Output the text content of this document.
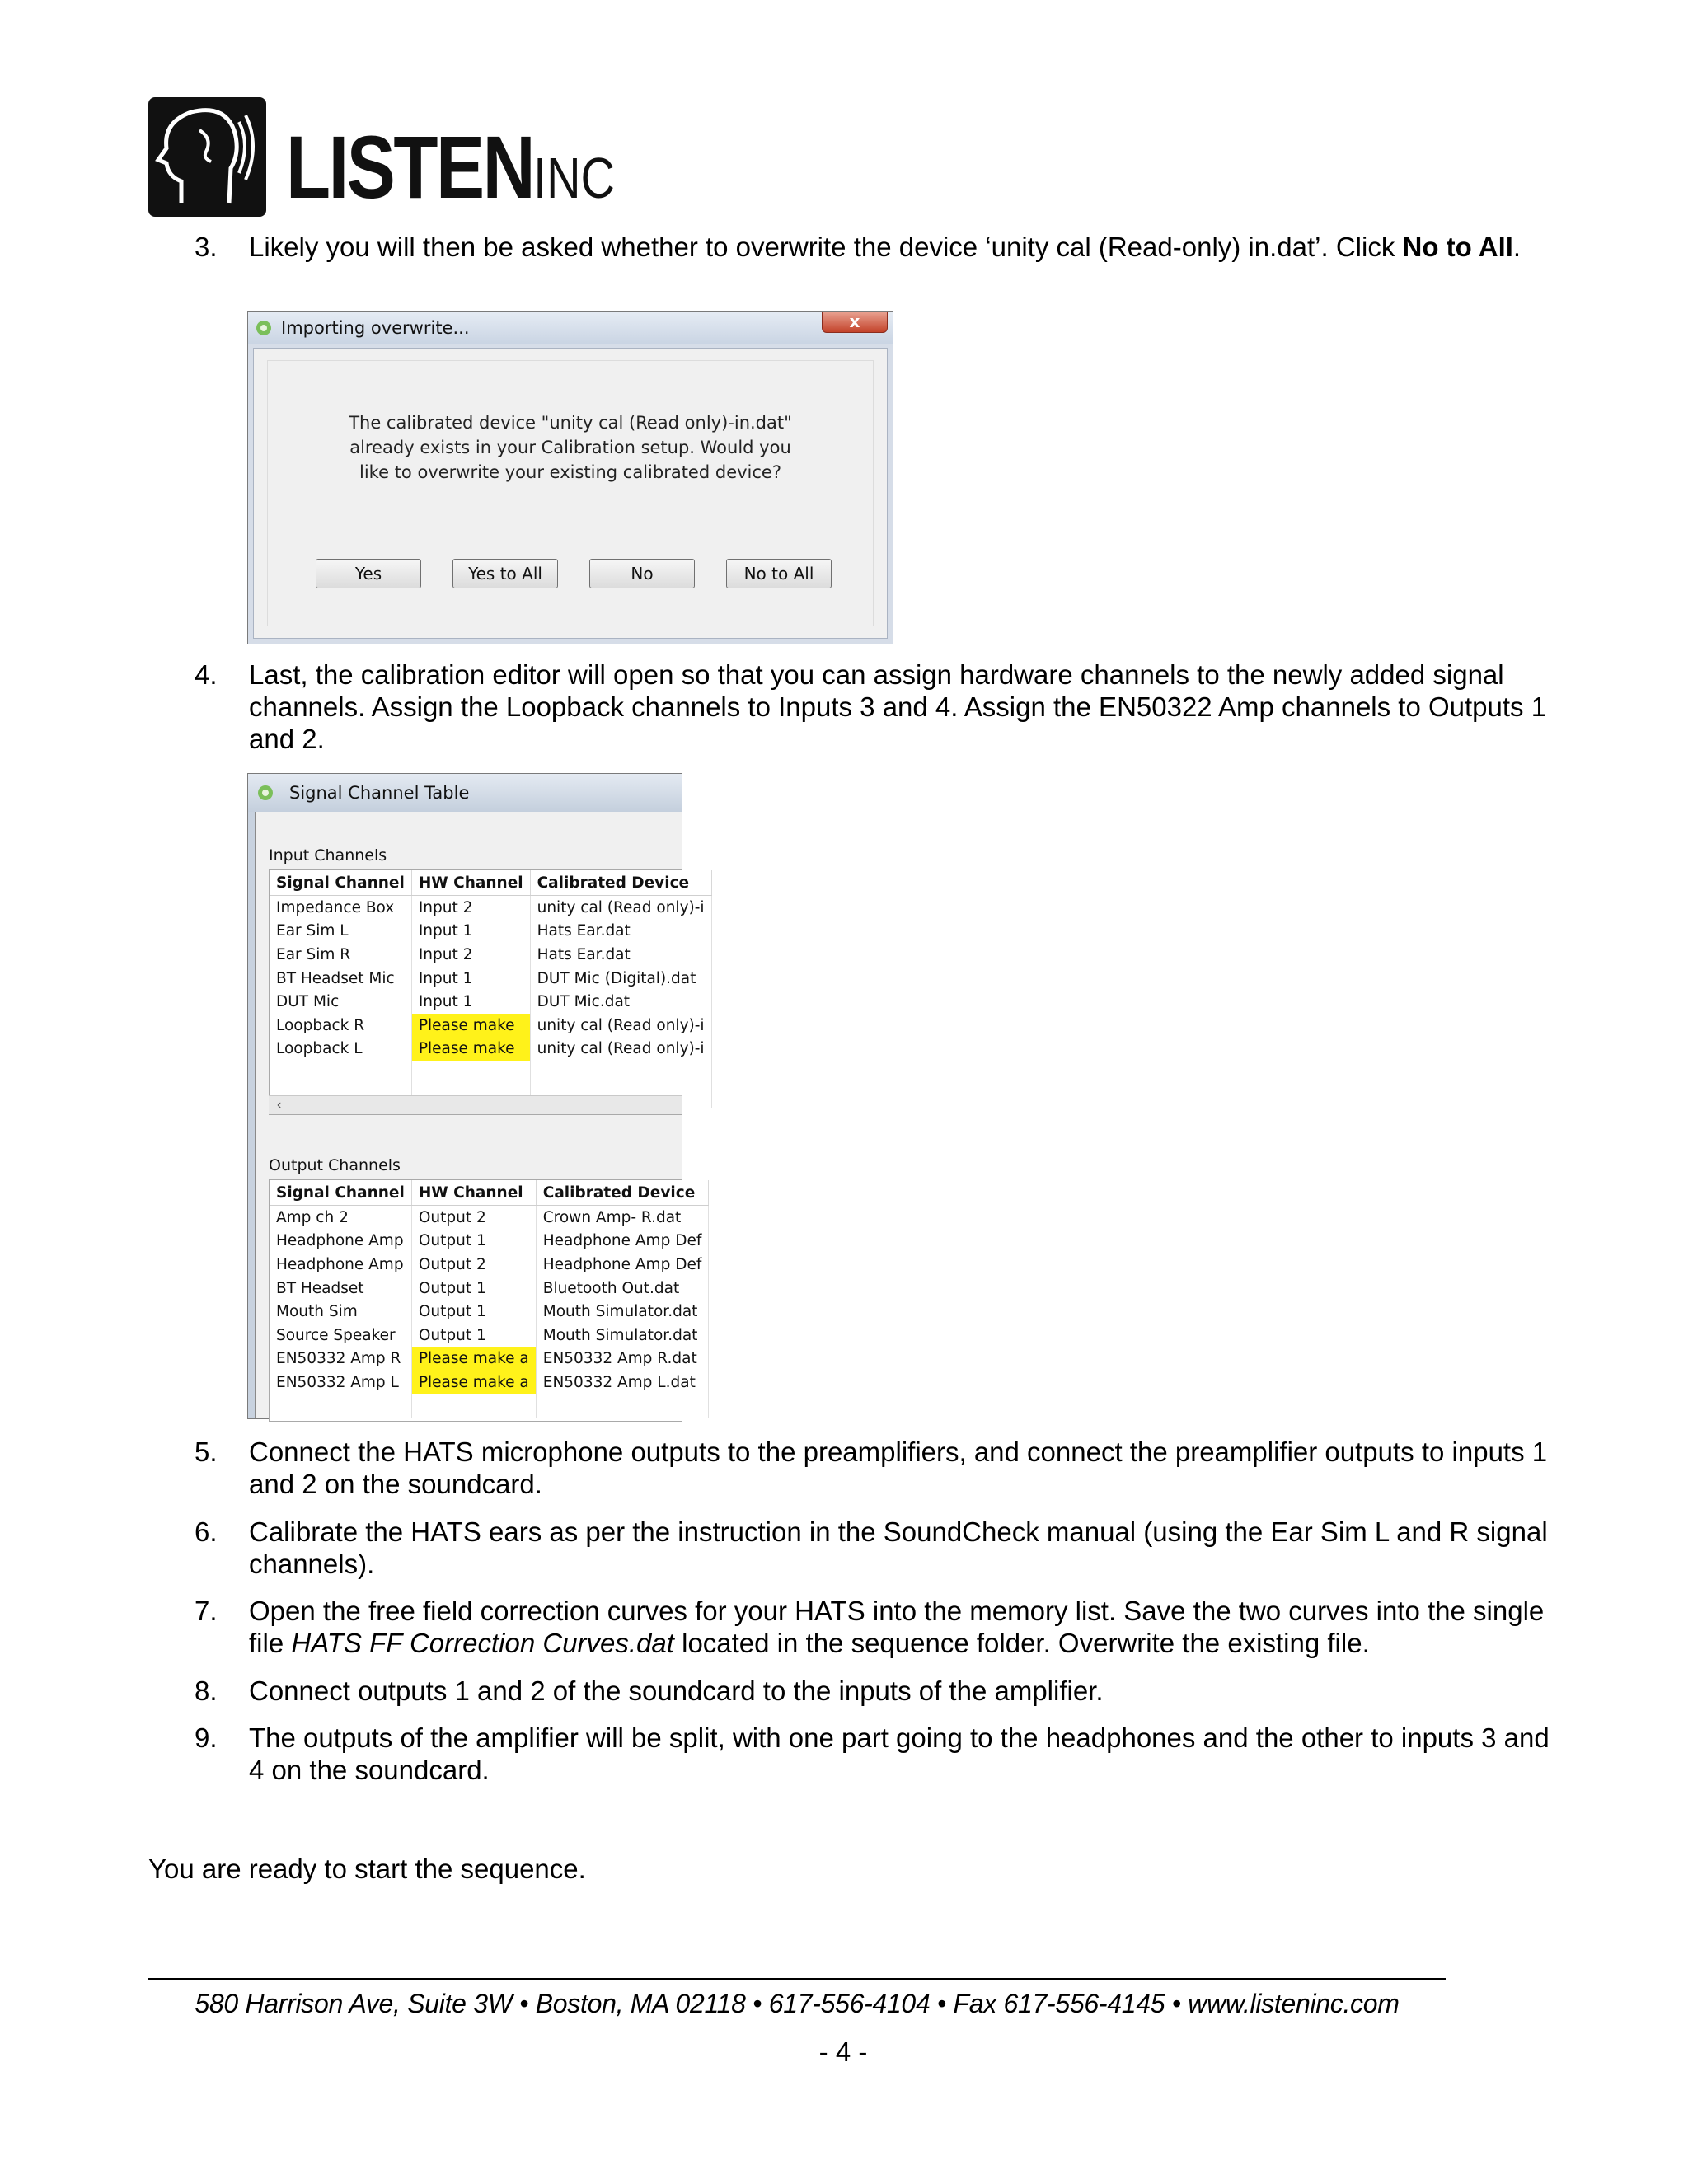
LISTENINC
3.	Likely you will then be asked whether to overwrite the device ‘unity cal (Read-only) in.dat’. Click No to All.
Importing overwrite...	x
The calibrated device "unity cal (Read only)-in.dat"
already exists in your Calibration setup. Would you
like to overwrite your existing calibrated device?
Yes	Yes to All	No	No to All
4.	Last, the calibration editor will open so that you can assign hardware channels to the newly added signal channels. Assign the Loopback channels to Inputs 3 and 4. Assign the EN50322 Amp channels to Outputs 1 and 2.
Signal Channel Table
Input Channels
Signal Channel	HW Channel	Calibrated Device
Impedance Box	Input 2	unity cal (Read only)-i
Ear Sim L	Input 1	Hats Ear.dat
Ear Sim R	Input 2	Hats Ear.dat
BT Headset Mic	Input 1	DUT Mic (Digital).dat
DUT Mic	Input 1	DUT Mic.dat
Loopback R	Please make	unity cal (Read only)-i
Loopback L	Please make	unity cal (Read only)-i

‹
Output Channels
Signal Channel	HW Channel	Calibrated Device
Amp ch 2	Output 2	Crown Amp- R.dat
Headphone Amp	Output 1	Headphone Amp Def
Headphone Amp	Output 2	Headphone Amp Def
BT Headset	Output 1	Bluetooth Out.dat
Mouth Sim	Output 1	Mouth Simulator.dat
Source Speaker	Output 1	Mouth Simulator.dat
EN50332 Amp R	Please make a	EN50332 Amp R.dat
EN50332 Amp L	Please make a	EN50332 Amp L.dat

5.	Connect the HATS microphone outputs to the preamplifiers, and connect the preamplifier outputs to inputs 1 and 2 on the soundcard.
6.	Calibrate the HATS ears as per the instruction in the SoundCheck manual (using the Ear Sim L and R signal channels).
7.	Open the free field correction curves for your HATS into the memory list. Save the two curves into the single file HATS FF Correction Curves.dat located in the sequence folder. Overwrite the existing file.
8.	Connect outputs 1 and 2 of the soundcard to the inputs of the amplifier.
9.	The outputs of the amplifier will be split, with one part going to the headphones and the other to inputs 3 and 4 on the soundcard.
You are ready to start the sequence.
580 Harrison Ave, Suite 3W • Boston, MA 02118 • 617-556-4104 • Fax 617-556-4145 • www.listeninc.com
- 4 -
